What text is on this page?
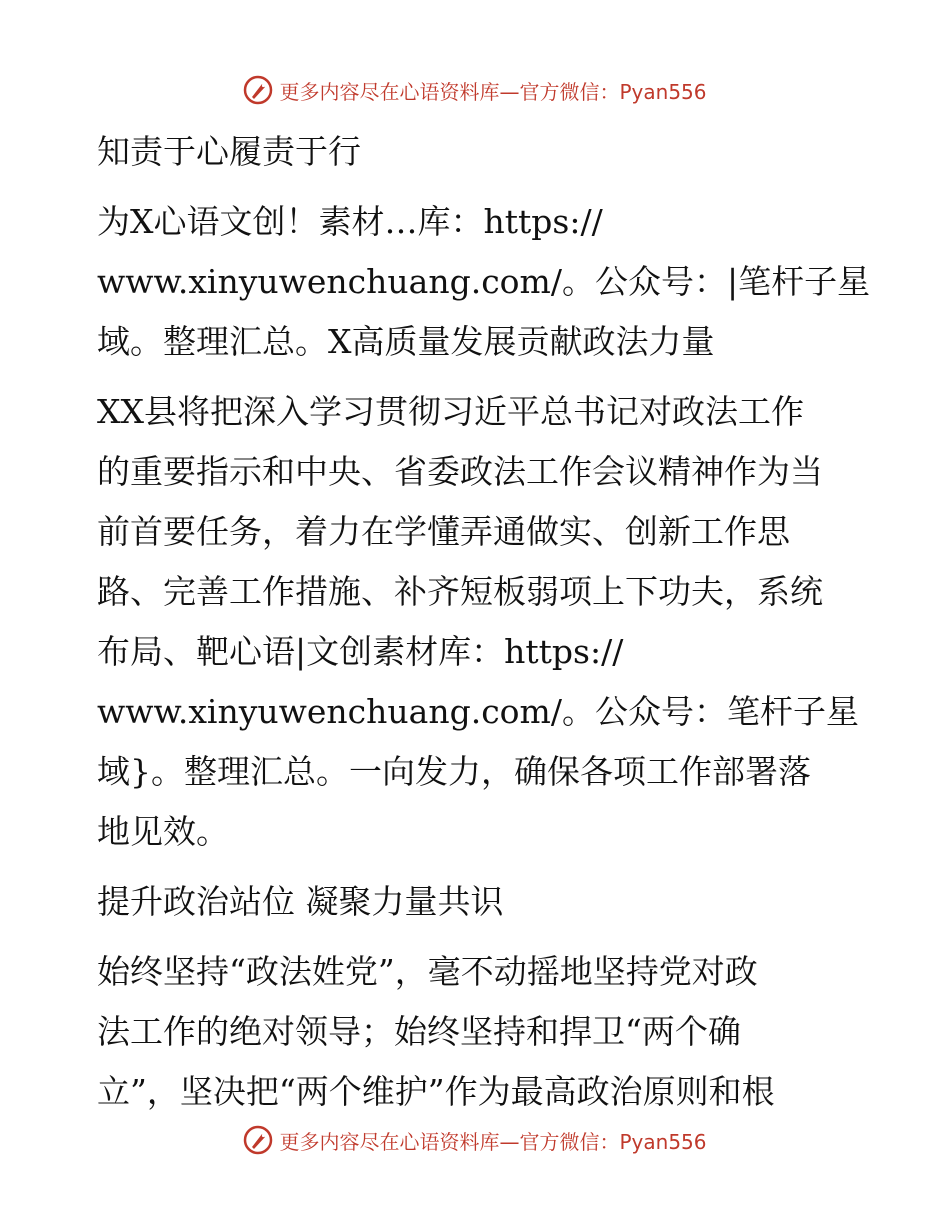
更多内容尽在心语资料库—官方微信：Pyan556

知责于心履责于行

为X心语文创！素材…库：https://
www.xinyuwenchuang.com/。公众号：|笔杆子星
域。整理汇总。X高质量发展贡献政法力量

XX县将把深入学习贯彻习近平总书记对政法工作
的重要指示和中央、省委政法工作会议精神作为当
前首要任务，着力在学懂弄通做实、创新工作思
路、完善工作措施、补齐短板弱项上下功夫，系统
布局、靶心语|文创素材库：https://
www.xinyuwenchuang.com/。公众号：笔杆子星
域}。整理汇总。一向发力，确保各项工作部署落
地见效。

提升政治站位 凝聚力量共识

始终坚持“政法姓党”，毫不动摇地坚持党对政
法工作的绝对领导；始终坚持和捍卫“两个确
立”，坚决把“两个维护”作为最高政治原则和根

更多内容尽在心语资料库—官方微信：Pyan556
